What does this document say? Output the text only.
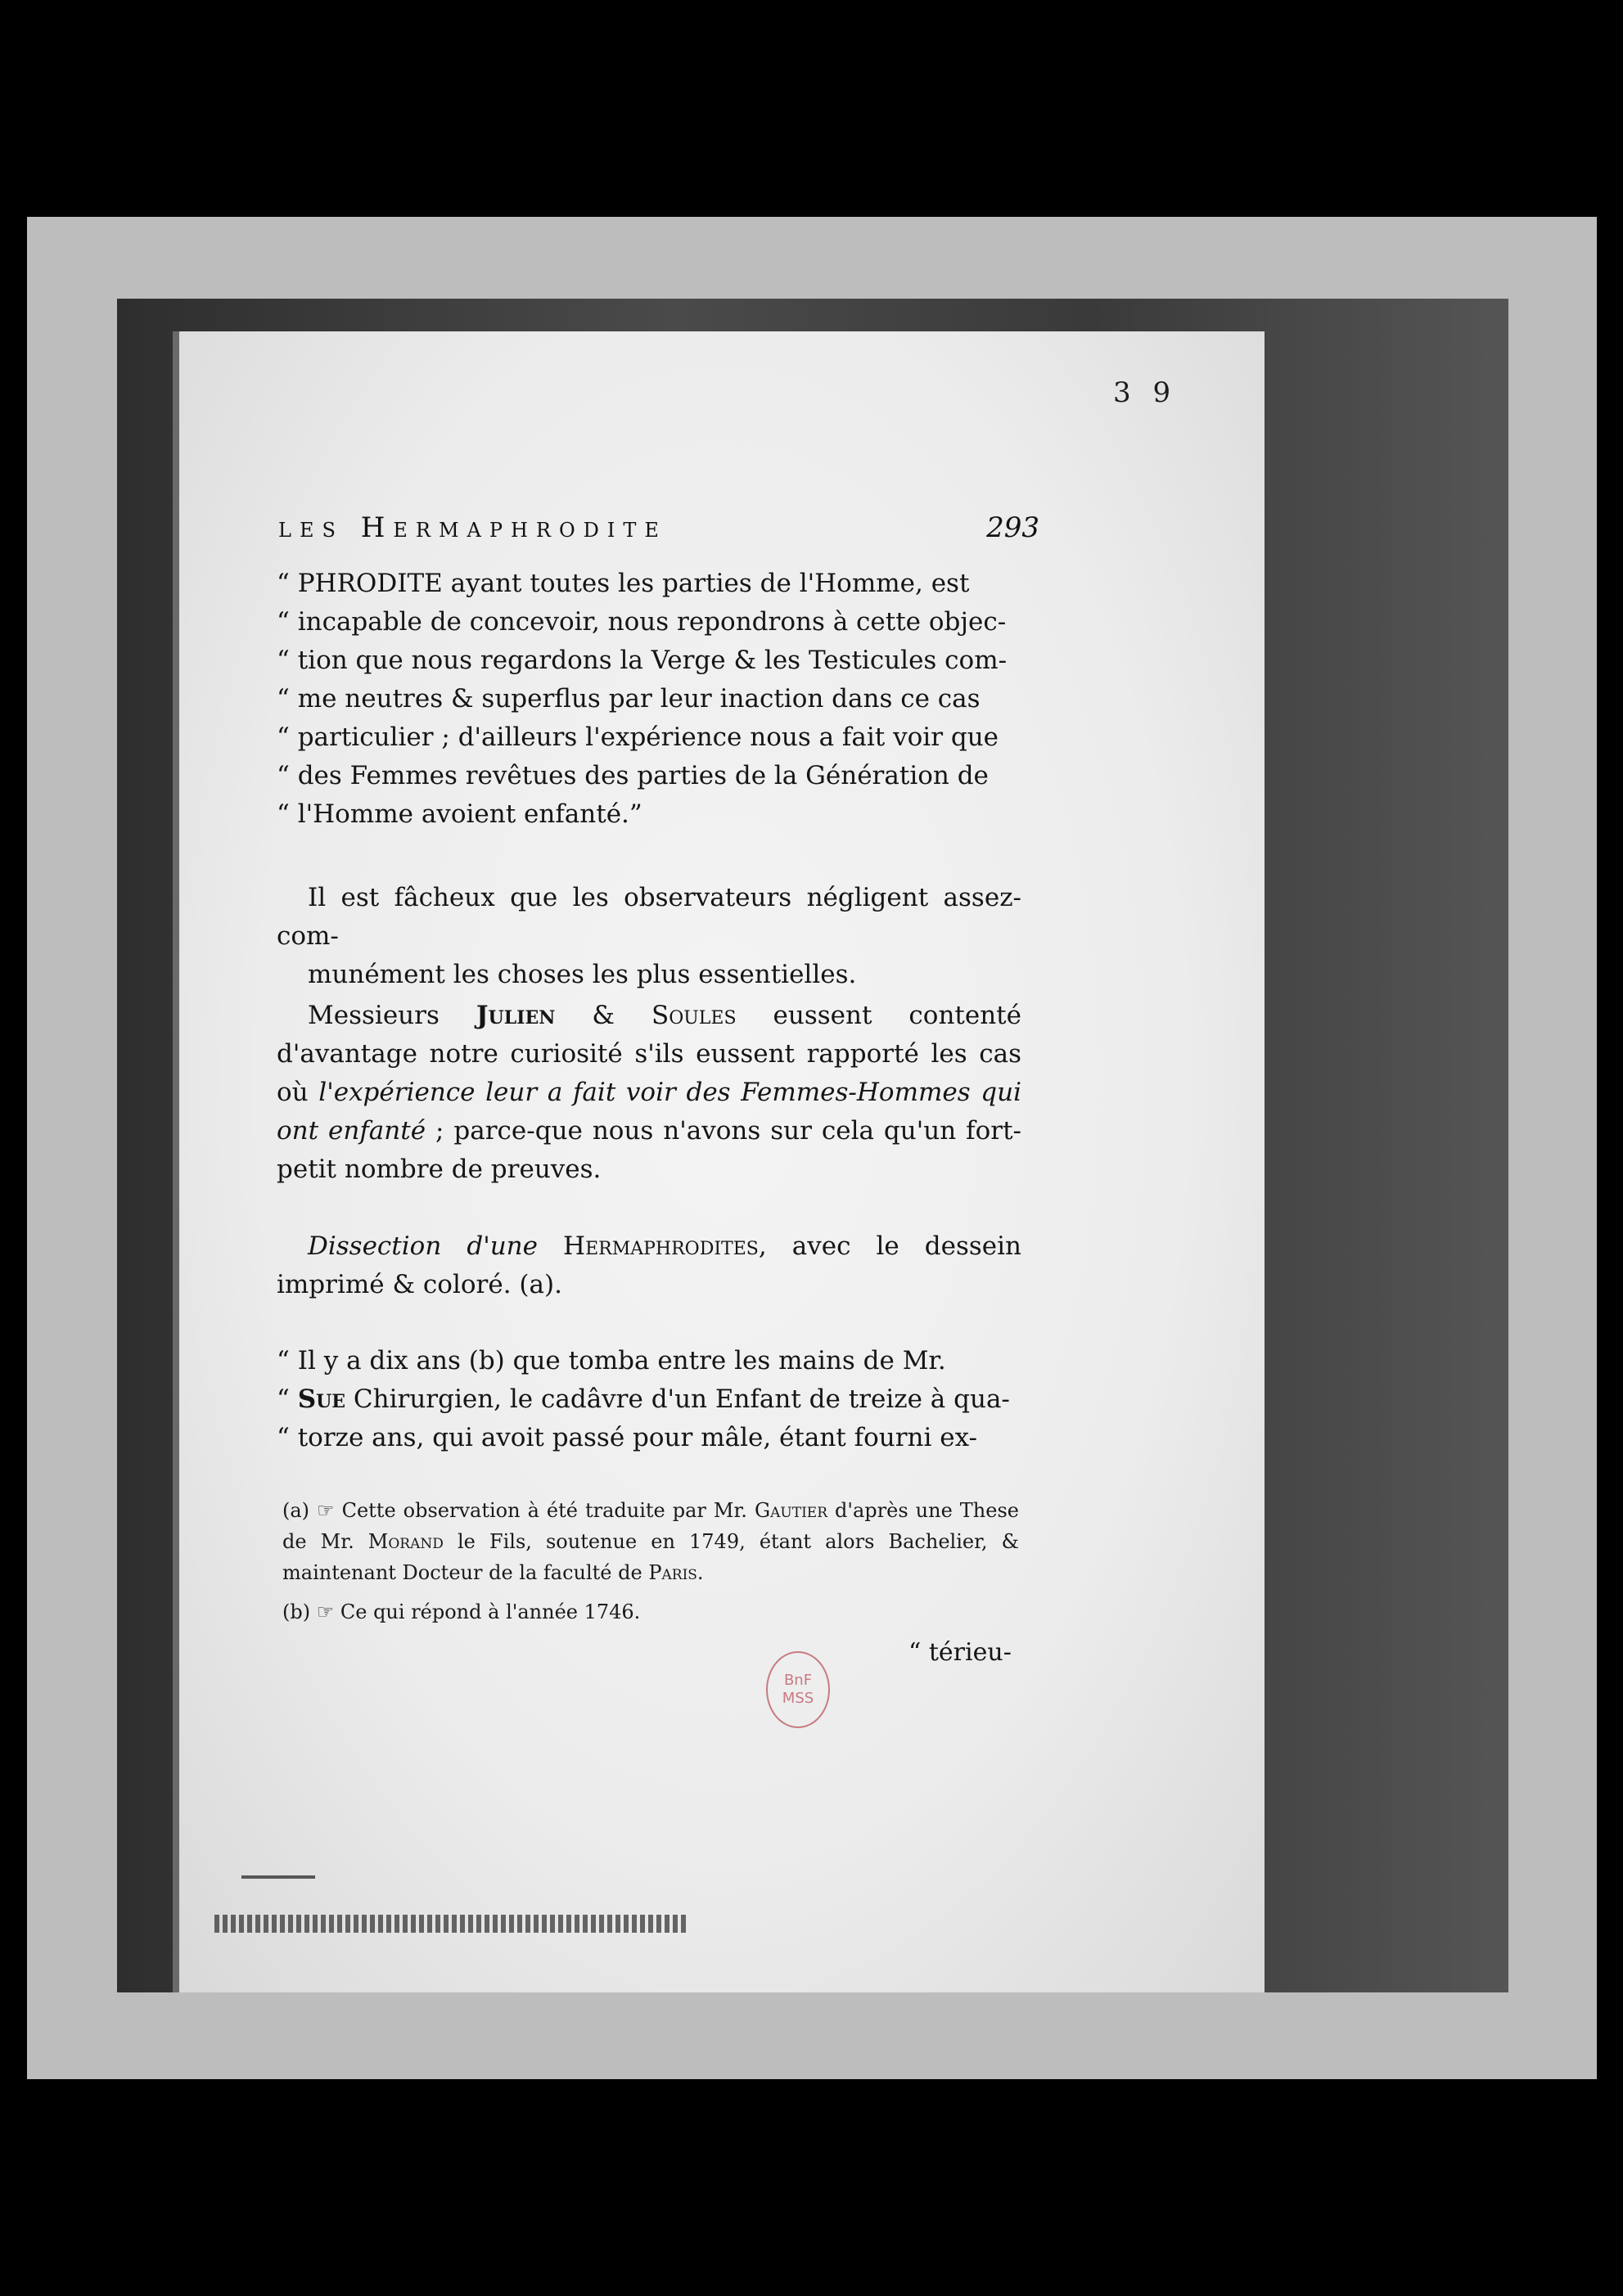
3 9
les Hermaphrodite	293

“ PHRODITE ayant toutes les parties de l'Homme, est

“ incapable de concevoir, nous repondrons à cette objec-

“ tion que nous regardons la Verge & les Testicules com-

“ me neutres & superflus par leur inaction dans ce cas

“ particulier ; d'ailleurs l'expérience nous a fait voir que

“ des Femmes revêtues des parties de la Génération de

“ l'Homme avoient enfanté.”

Il est fâcheux que les observateurs négligent assez-com-

munément les choses les plus essentielles.

Messieurs Julien & Soules eussent contenté d'avantage notre curiosité s'ils eussent rapporté les cas où l'expérience leur a fait voir des Femmes-Hommes qui ont enfanté ; parce-que nous n'avons sur cela qu'un fort-petit nombre de preuves.
Dissection d'une Hermaphrodites, avec le dessein imprimé & coloré. (a).

“ Il y a dix ans (b) que tomba entre les mains de Mr.

“ Sue Chirurgien, le cadâvre d'un Enfant de treize à qua-

“ torze ans, qui avoit passé pour mâle, étant fourni ex-

(a) ☞ Cette observation à été traduite par Mr. Gautier d'après une These de Mr. Morand le Fils, soutenue en 1749, étant alors Bachelier, & maintenant Docteur de la faculté de Paris.

(b) ☞ Ce qui répond à l'année 1746.

“ térieu-
BnF
MSS
